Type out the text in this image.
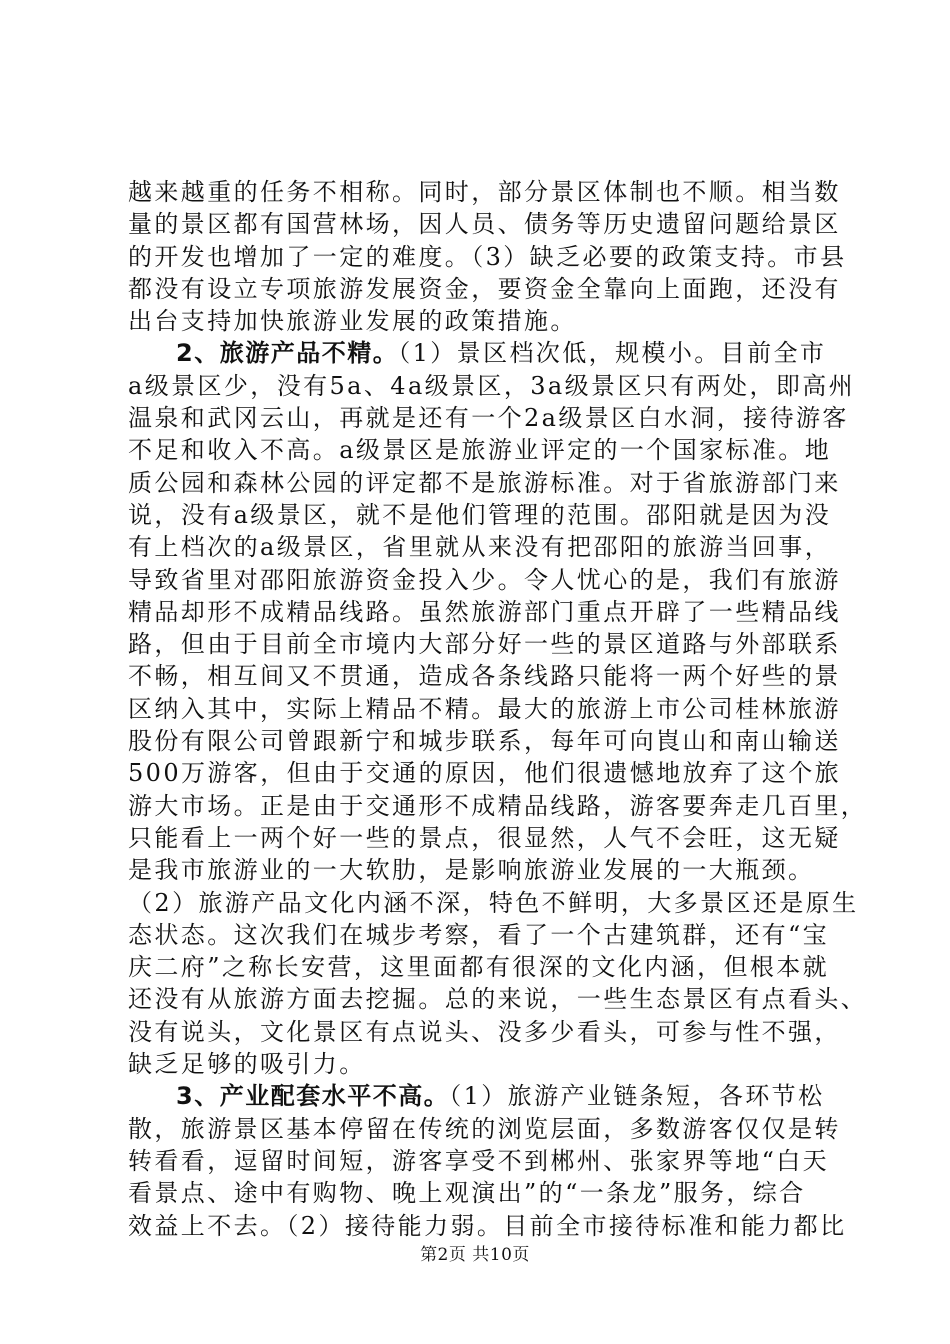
越来越重的任务不相称。同时，部分景区体制也不顺。相当数
量的景区都有国营林场，因人员、债务等历史遗留问题给景区
的开发也增加了一定的难度。（3）缺乏必要的政策支持。市县
都没有设立专项旅游发展资金，要资金全靠向上面跑，还没有
出台支持加快旅游业发展的政策措施。
2、旅游产品不精。（1）景区档次低，规模小。目前全市
a级景区少，没有5a、4a级景区，3a级景区只有两处，即高州
温泉和武冈云山，再就是还有一个2a级景区白水洞，接待游客
不足和收入不高。a级景区是旅游业评定的一个国家标准。地
质公园和森林公园的评定都不是旅游标准。对于省旅游部门来
说，没有a级景区，就不是他们管理的范围。邵阳就是因为没
有上档次的a级景区，省里就从来没有把邵阳的旅游当回事，
导致省里对邵阳旅游资金投入少。令人忧心的是，我们有旅游
精品却形不成精品线路。虽然旅游部门重点开辟了一些精品线
路，但由于目前全市境内大部分好一些的景区道路与外部联系
不畅，相互间又不贯通，造成各条线路只能将一两个好些的景
区纳入其中，实际上精品不精。最大的旅游上市公司桂林旅游
股份有限公司曾跟新宁和城步联系，每年可向崀山和南山输送
500万游客，但由于交通的原因，他们很遗憾地放弃了这个旅
游大市场。正是由于交通形不成精品线路，游客要奔走几百里，
只能看上一两个好一些的景点，很显然，人气不会旺，这无疑
是我市旅游业的一大软肋，是影响旅游业发展的一大瓶颈。
（2）旅游产品文化内涵不深，特色不鲜明，大多景区还是原生
态状态。这次我们在城步考察，看了一个古建筑群，还有“宝
庆二府”之称长安营，这里面都有很深的文化内涵，但根本就
还没有从旅游方面去挖掘。总的来说，一些生态景区有点看头、
没有说头，文化景区有点说头、没多少看头，可参与性不强，
缺乏足够的吸引力。
3、产业配套水平不高。（1）旅游产业链条短，各环节松
散，旅游景区基本停留在传统的浏览层面，多数游客仅仅是转
转看看，逗留时间短，游客享受不到郴州、张家界等地“白天
看景点、途中有购物、晚上观演出”的“一条龙”服务，综合
效益上不去。（2）接待能力弱。目前全市接待标准和能力都比
第2页 共10页
